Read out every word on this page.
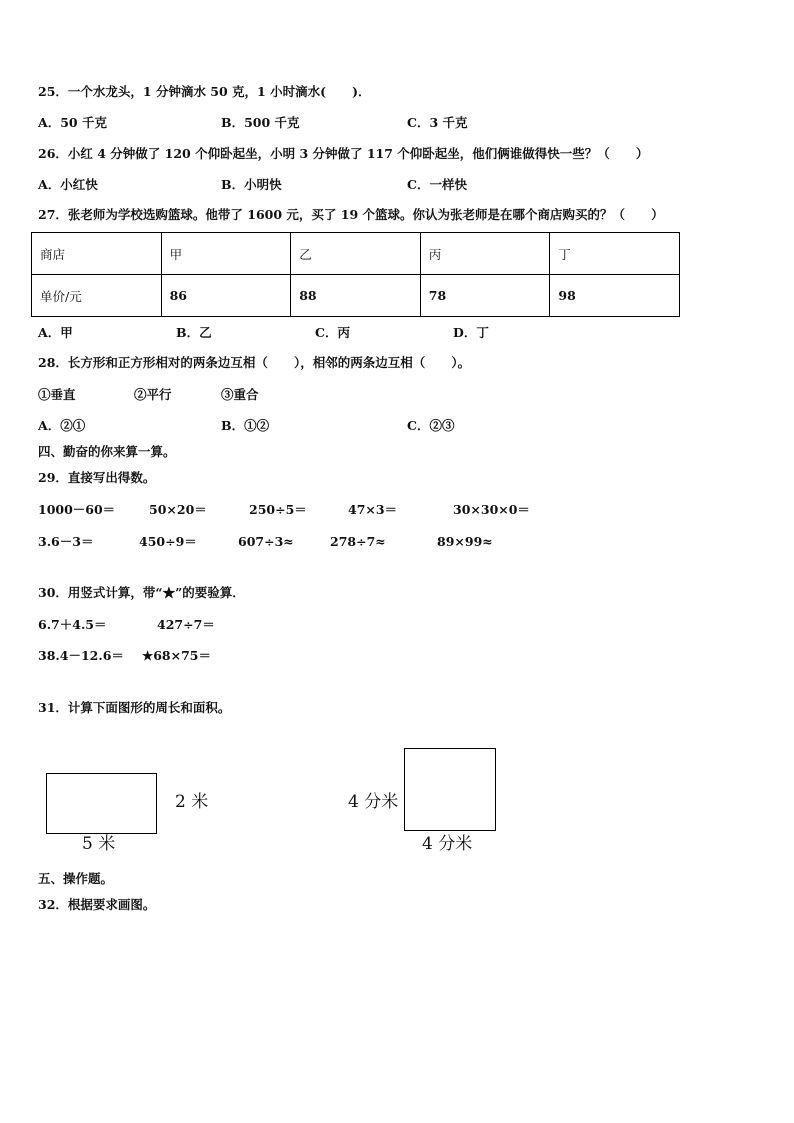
25．一个水龙头，1 分钟滴水 50 克，1 小时滴水(      )．
A．50 千克	B．500 千克	C．3 千克
26．小红 4 分钟做了 120 个仰卧起坐，小明 3 分钟做了 117 个仰卧起坐，他们俩谁做得快一些？（      ）
A．小红快	B．小明快	C．一样快
27．张老师为学校选购篮球。他带了 1600 元，买了 19 个篮球。你认为张老师是在哪个商店购买的？（      ）
商店	甲	乙	丙	丁
单价/元	86	88	78	98
A．甲	B．乙	C．丙	D．丁
28．长方形和正方形相对的两条边互相（      ），相邻的两条边互相（      ）。
①垂直	②平行	③重合
A．②①	B．①②	C．②③
四、勤奋的你来算一算。
29．直接写出得数。
1000－60＝	50×20＝	250÷5＝	47×3＝	30×30×0＝
3.6－3＝	450÷9＝	607÷3≈	278÷7≈	89×99≈
30．用竖式计算，带“★”的要验算．
6.7＋4.5＝	427÷7＝
38.4－12.6＝ ★68×75＝
31．计算下面图形的周长和面积。
2 米
5 米
4 分米
4 分米
五、操作题。
32．根据要求画图。
